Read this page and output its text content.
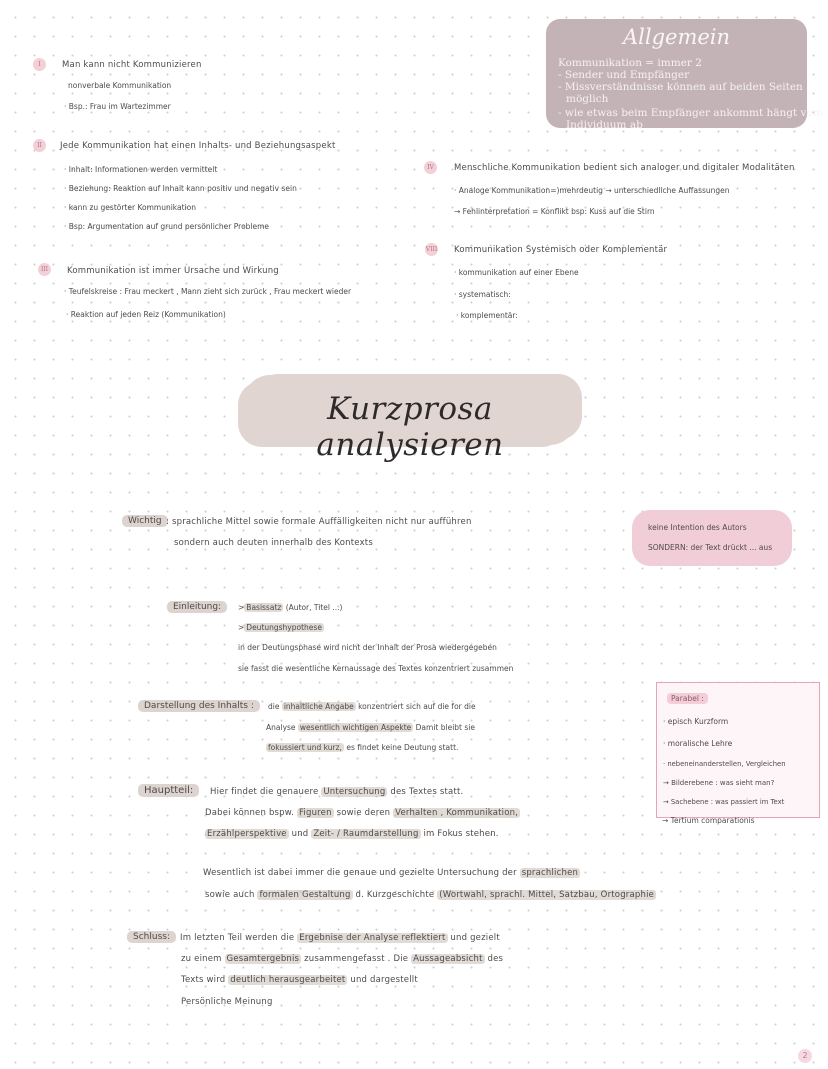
Allgemein
Kommunikation = immer 2
- Sender und Empfänger
- Missverständnisse können auf beiden Seiten
möglich
- wie etwas beim Empfänger ankommt hängt vom
Individuum ab
I	Man kann nicht Kommunizieren
nonverbale Kommunikation
· Bsp.: Frau im Wartezimmer
II	Jede Kommunikation hat einen Inhalts- und Beziehungsaspekt
· Inhalt: Informationen werden vermittelt
· Beziehung: Reaktion auf Inhalt kann positiv und negativ sein
· kann zu gestörter Kommunikation
· Bsp: Argumentation auf grund persönlicher Probleme
III	Kommunikation ist immer Ursache und Wirkung
· Teufelskreise : Frau meckert , Mann zieht sich zurück , Frau meckert wieder
· Reaktion auf jeden Reiz (Kommunikation)
IV	Menschliche Kommunikation bedient sich analoger und digitaler Modalitäten
· Analoge Kommunikation=)mehrdeutig → unterschiedliche Auffassungen
→ Fehlinterpretation = Konflikt bsp: Kuss auf die Stirn
VIII Kommunikation Systemisch oder Komplementär
· kommunikation auf einer Ebene
· systematisch:
· komplementär:
Kurzprosa analysieren
Wichtig : sprachliche Mittel sowie formale Auffälligkeiten nicht nur aufführen
sondern auch deuten innerhalb des Kontexts
keine Intention des Autors
SONDERN: der Text drückt ... aus
Einleitung:	> Basissatz (Autor, Titel ...)
> Deutungshypothese
in der Deutungsphase wird nicht der Inhalt der Prosa wiedergegeben
sie fasst die wesentliche Kernaussage des Textes konzentriert zusammen
Darstellung des Inhalts :	die inhaltliche Angabe konzentriert sich auf die for die
Analyse wesentlich wichtigen Aspekte Damit bleibt sie
fokussiert und kurz, es findet keine Deutung statt.
Hauptteil:	Hier findet die genauere Untersuchung des Textes statt.
Dabei können bspw. Figuren sowie deren Verhalten , Kommunikation,
Erzählperspektive und Zeit- / Raumdarstellung im Fokus stehen.
Wesentlich ist dabei immer die genaue und gezielte Untersuchung der sprachlichen
sowie auch formalen Gestaltung d. Kurzgeschichte (Wortwahl, sprachl. Mittel, Satzbau, Ortographie
Schluss:	Im letzten Teil werden die Ergebnise der Analyse reflektiert und gezielt
zu einem Gesamtergebnis zusammengefasst . Die Aussageabsicht des
Texts wird deutlich herausgearbeitet und dargestellt
Persönliche Meinung
Parabel :
· episch Kurzform
· moralische Lehre
· nebeneinanderstellen, Vergleichen
→ Bilderebene : was sieht man?
→ Sachebene : was passiert im Text
→ Tertium comparationis
2
